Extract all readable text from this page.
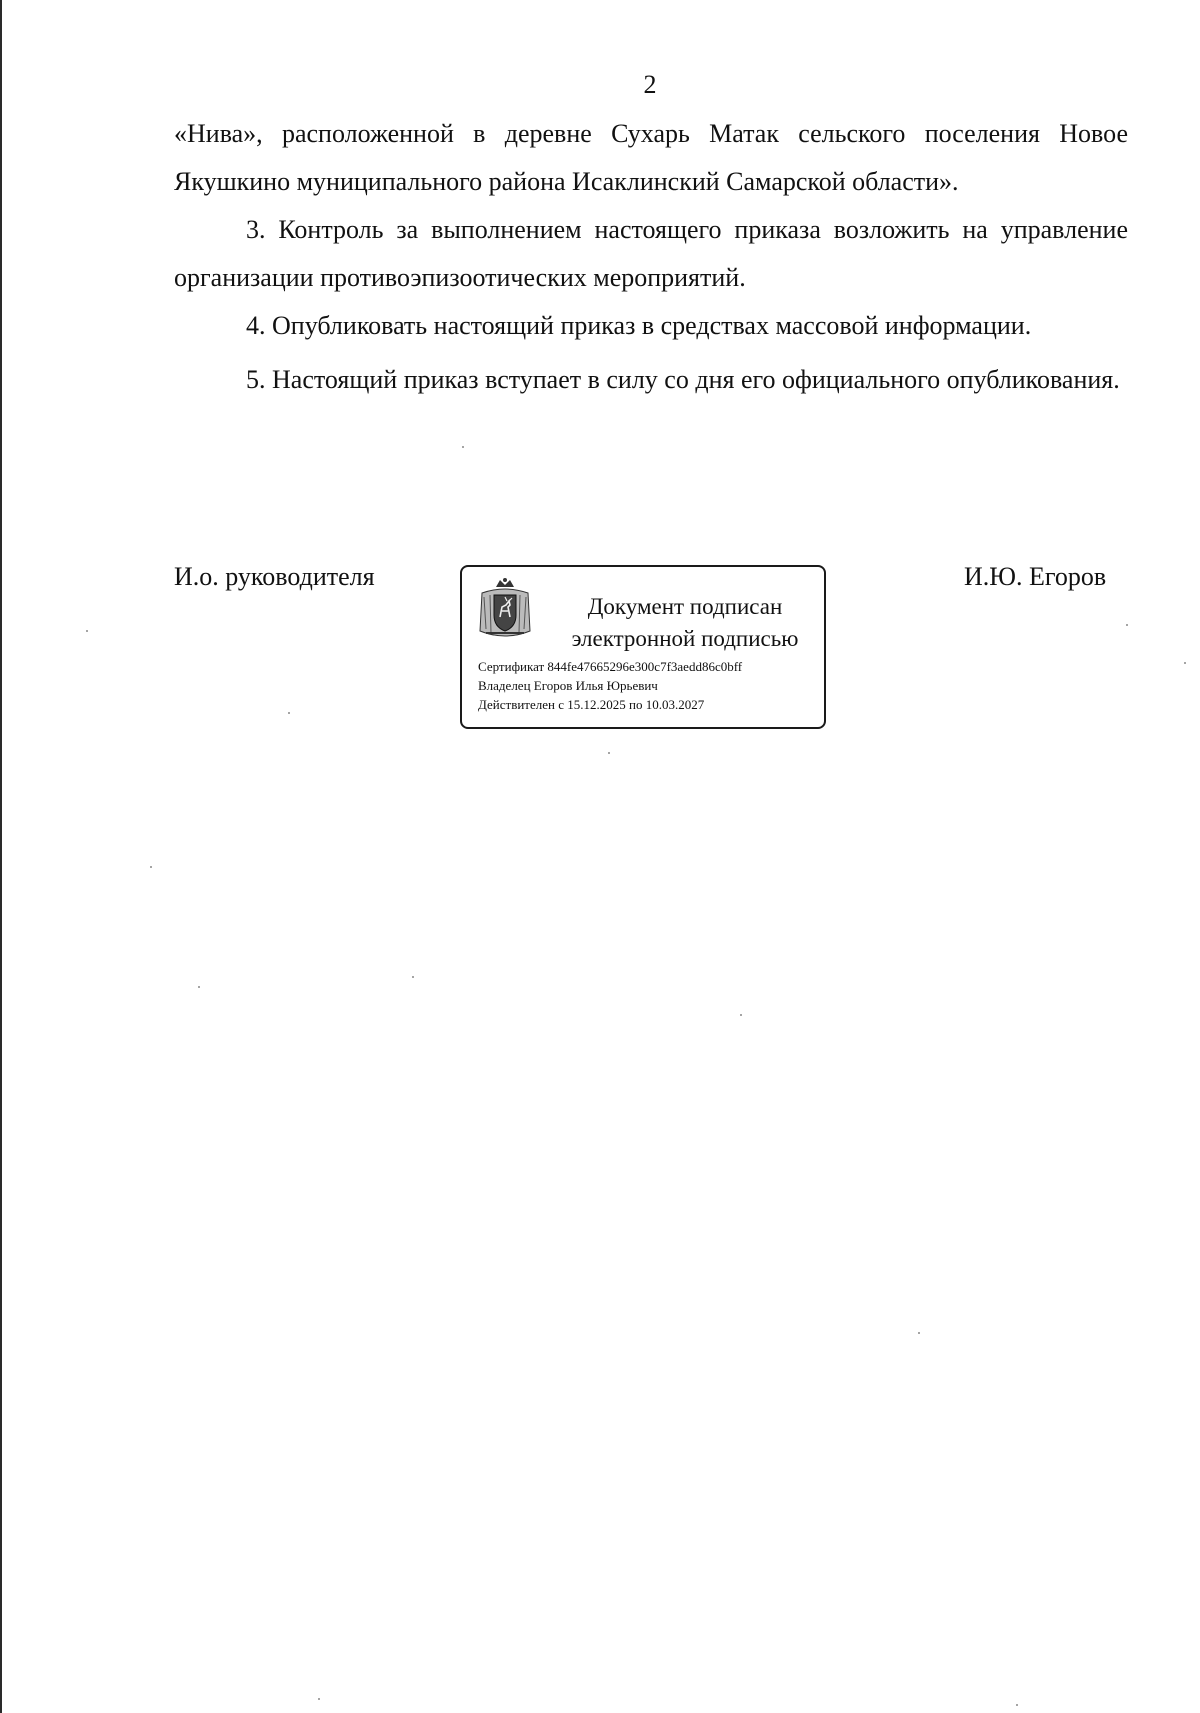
2

«Нива», расположенной в деревне Сухарь Матак сельского поселения Новое Якушкино муниципального района Исаклинский Самарской области».

3. Контроль за выполнением настоящего приказа возложить на управление организации противоэпизоотических мероприятий.

4. Опубликовать настоящий приказ в средствах массовой информации.

5. Настоящий приказ вступает в силу со дня его официального опубликования.

И.о. руководителя	И.Ю. Егоров
Документ подписан
электронной подписью
Сертификат 844fe47665296e300c7f3aedd86c0bff
Владелец Егоров Илья Юрьевич
Действителен с 15.12.2025 по 10.03.2027
